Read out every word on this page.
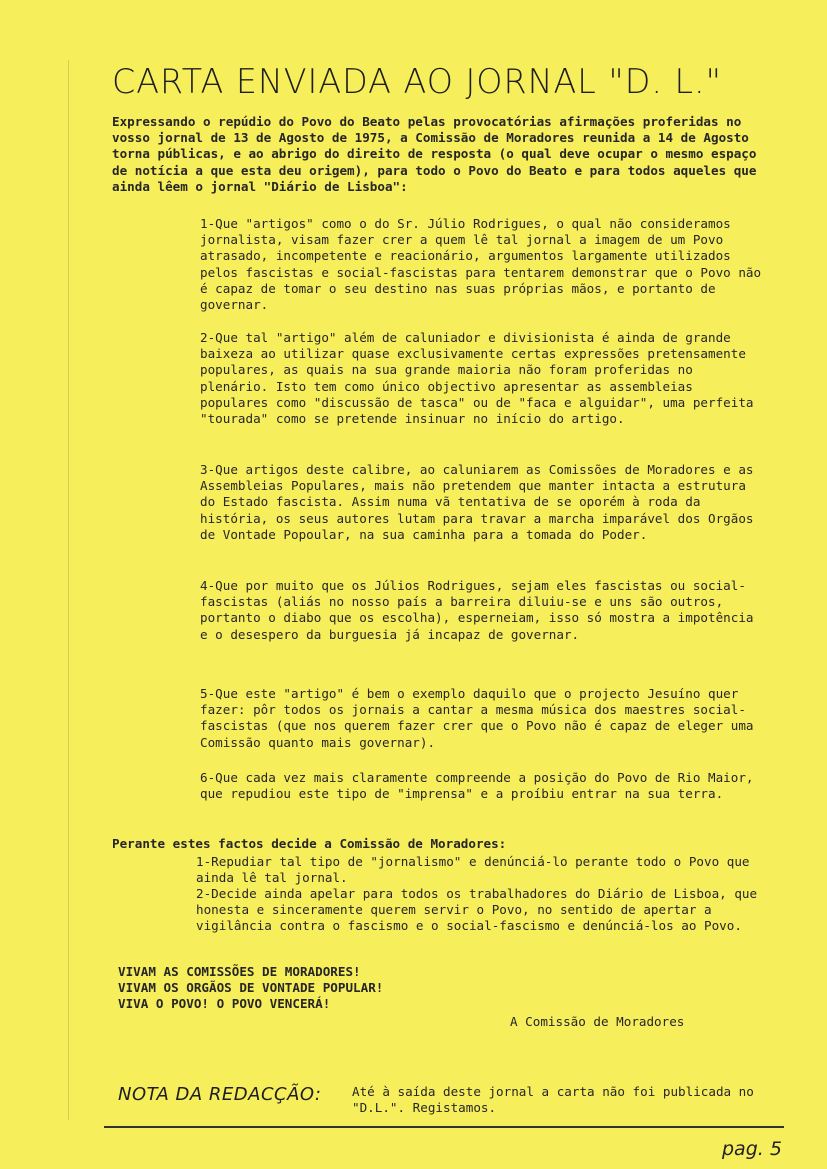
CARTA ENVIADA AO JORNAL "D. L."
Expressando o repúdio do Povo do Beato pelas provocatórias afirmações proferidas no vosso jornal de 13 de Agosto de 1975, a Comissão de Moradores reunida a 14 de Agosto torna públicas, e ao abrigo do direito de resposta (o qual deve ocupar o mesmo espaço de notícia a que esta deu origem), para todo o Povo do Beato e para todos aqueles que ainda lêem o jornal "Diário de Lisboa":
1-Que "artigos" como o do Sr. Júlio Rodrigues, o qual não consideramos jornalista, visam fazer crer a quem lê tal jornal a imagem de um Povo atrasado, incompetente e reacionário, argumentos largamente utilizados pelos fascistas e social-fascistas para tentarem demonstrar que o Povo não é capaz de tomar o seu destino nas suas próprias mãos, e portanto de governar.
2-Que tal "artigo" além de caluniador e divisionista é ainda de grande baixeza ao utilizar quase exclusivamente certas expressões pretensamente populares, as quais na sua grande maioria não foram proferidas no plenário. Isto tem como único objectivo apresentar as assembleias populares como "discussão de tasca" ou de "faca e alguidar", uma perfeita "tourada" como se pretende insinuar no início do artigo.
3-Que artigos deste calibre, ao caluniarem as Comissões de Moradores e as Assembleias Populares, mais não pretendem que manter intacta a estrutura do Estado fascista. Assim numa vã tentativa de se oporém à roda da história, os seus autores lutam para travar a marcha imparável dos Orgãos de Vontade Popoular, na sua caminha para a tomada do Poder.
4-Que por muito que os Júlios Rodrigues, sejam eles fascistas ou social-fascistas (aliás no nosso país a barreira diluiu-se e uns são outros, portanto o diabo que os escolha), esperneiam, isso só mostra a impotência e o desespero da burguesia já incapaz de governar.
5-Que este "artigo" é bem o exemplo daquilo que o projecto Jesuíno quer fazer: pôr todos os jornais a cantar a mesma música dos maestres social-fascistas (que nos querem fazer crer que o Povo não é capaz de eleger uma Comissão quanto mais governar).
6-Que cada vez mais claramente compreende a posição do Povo de Rio Maior, que repudiou este tipo de "imprensa" e a proíbiu entrar na sua terra.
Perante estes factos decide a Comissão de Moradores:
1-Repudiar tal tipo de "jornalismo" e denúnciá-lo perante todo o Povo que ainda lê tal jornal.
2-Decide ainda apelar para todos os trabalhadores do Diário de Lisboa, que honesta e sinceramente querem servir o Povo, no sentido de apertar a vigilância contra o fascismo e o social-fascismo e denúnciá-los ao Povo.
VIVAM AS COMISSÕES DE MORADORES!
VIVAM OS ORGÃOS DE VONTADE POPULAR!
VIVA O POVO! O POVO VENCERÁ!
A Comissão de Moradores
NOTA DA REDACÇÃO: Até à saída deste jornal a carta não foi publicada no "D.L.". Registamos.
pag. 5
